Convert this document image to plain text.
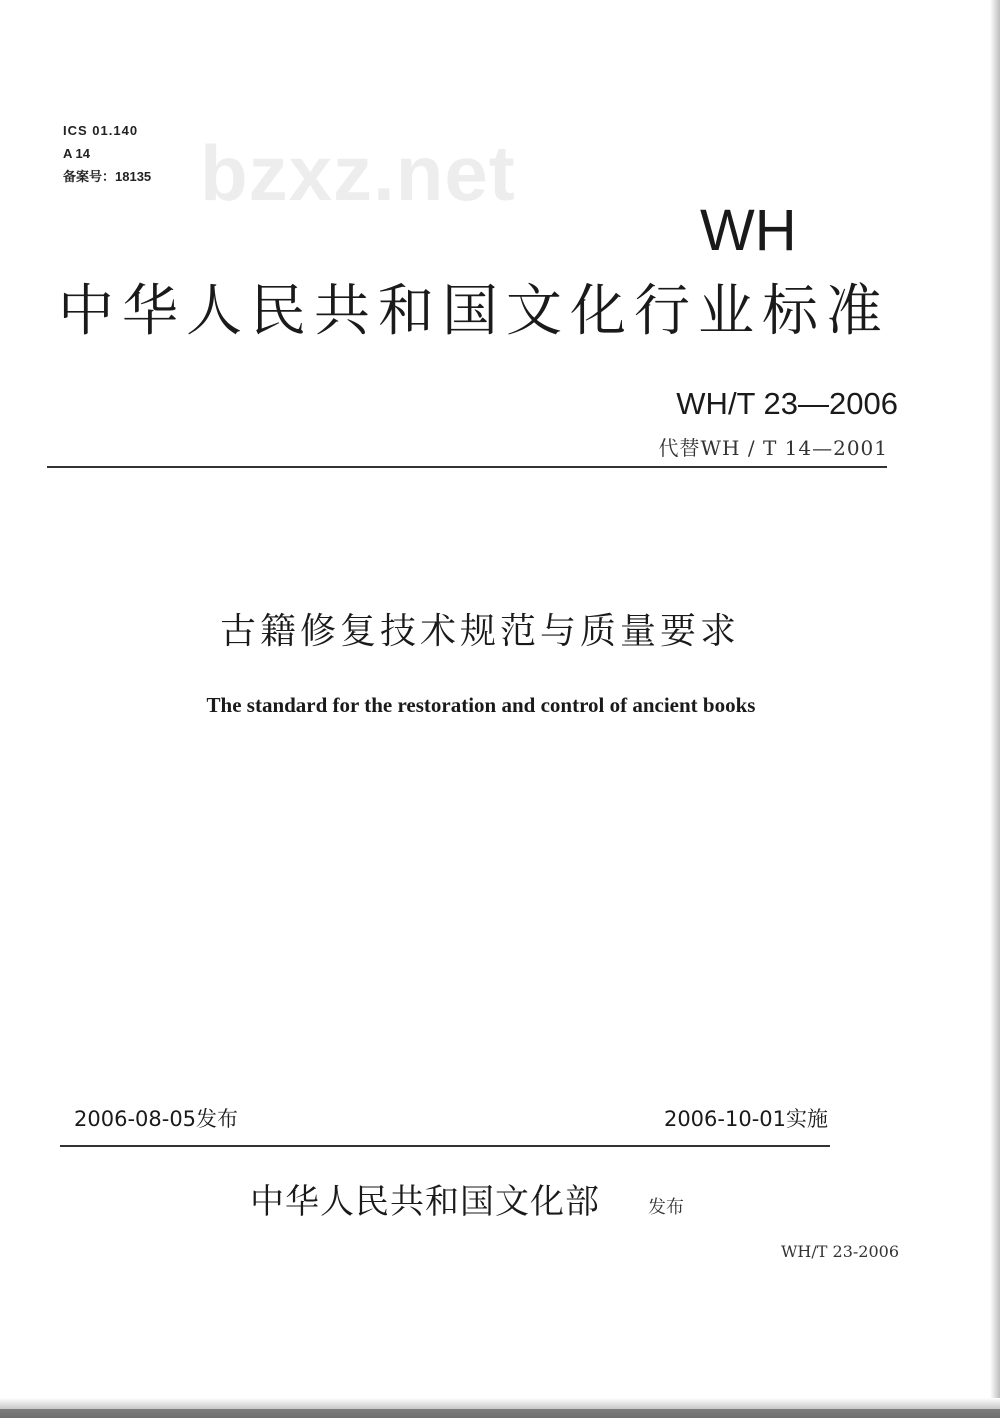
ICS 01.140
A 14
备案号：18135 bzxz.net
WH
中华人民共和国文化行业标准
WH/T 23—2006
代替WH / T 14—2001
古籍修复技术规范与质量要求
The standard for the restoration and control of ancient books
2006-08-05发布	2006-10-01实施
中华人民共和国文化部	发布
WH/T 23-2006
